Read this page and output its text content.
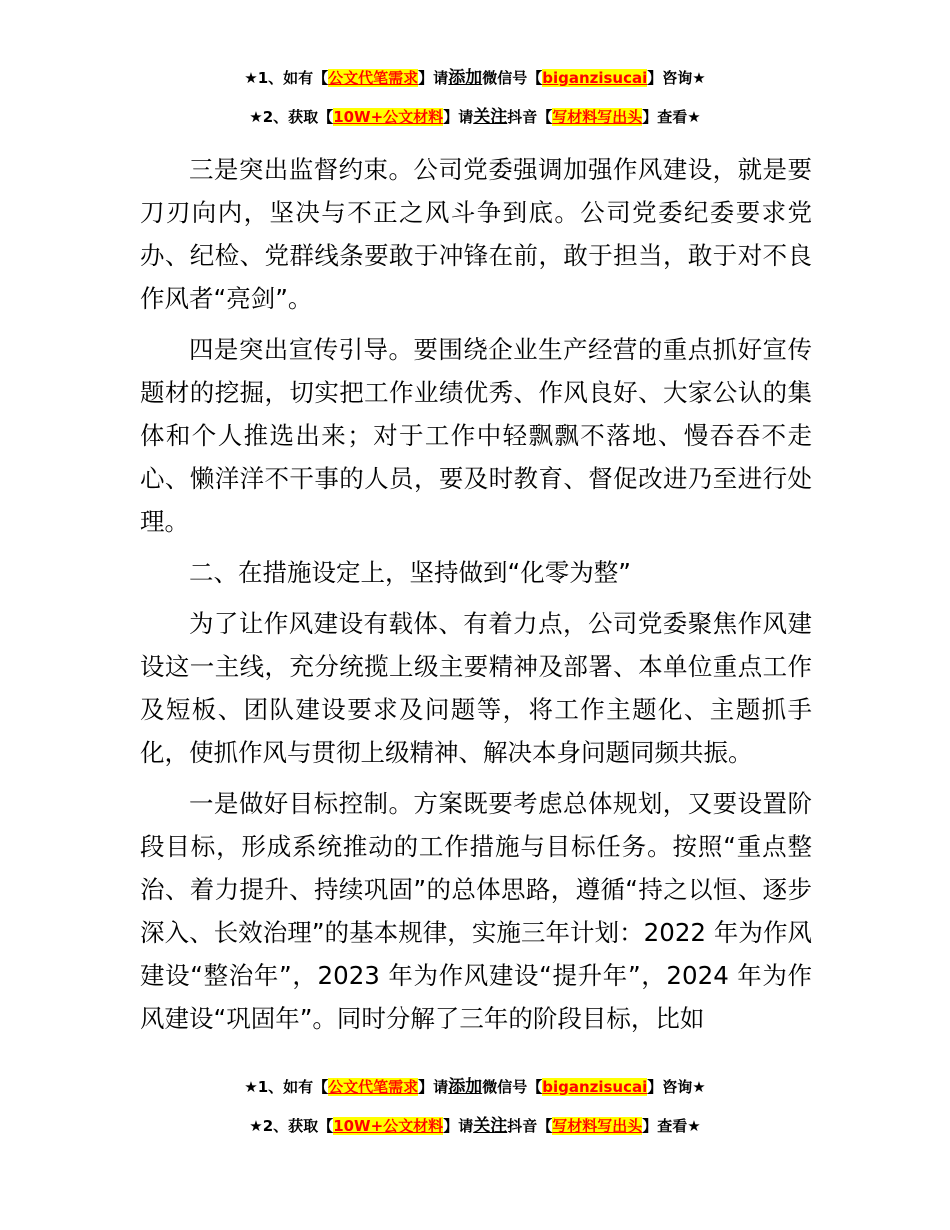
★1、如有【公文代笔需求】请添加微信号【biganzisucai】咨询★
★2、获取【10W+公文材料】请关注抖音【写材料写出头】查看★

三是突出监督约束。公司党委强调加强作风建设，就是要刀刃向内，坚决与不正之风斗争到底。公司党委纪委要求党办、纪检、党群线条要敢于冲锋在前，敢于担当，敢于对不良作风者“亮剑”。

四是突出宣传引导。要围绕企业生产经营的重点抓好宣传题材的挖掘，切实把工作业绩优秀、作风良好、大家公认的集体和个人推选出来；对于工作中轻飘飘不落地、慢吞吞不走心、懒洋洋不干事的人员，要及时教育、督促改进乃至进行处理。

二、在措施设定上，坚持做到“化零为整”

为了让作风建设有载体、有着力点，公司党委聚焦作风建设这一主线，充分统揽上级主要精神及部署、本单位重点工作及短板、团队建设要求及问题等，将工作主题化、主题抓手化，使抓作风与贯彻上级精神、解决本身问题同频共振。

一是做好目标控制。方案既要考虑总体规划，又要设置阶段目标，形成系统推动的工作措施与目标任务。按照“重点整治、着力提升、持续巩固”的总体思路，遵循“持之以恒、逐步深入、长效治理”的基本规律，实施三年计划：2022 年为作风建设“整治年”，2023 年为作风建设“提升年”，2024 年为作风建设“巩固年”。同时分解了三年的阶段目标，比如

★1、如有【公文代笔需求】请添加微信号【biganzisucai】咨询★
★2、获取【10W+公文材料】请关注抖音【写材料写出头】查看★
